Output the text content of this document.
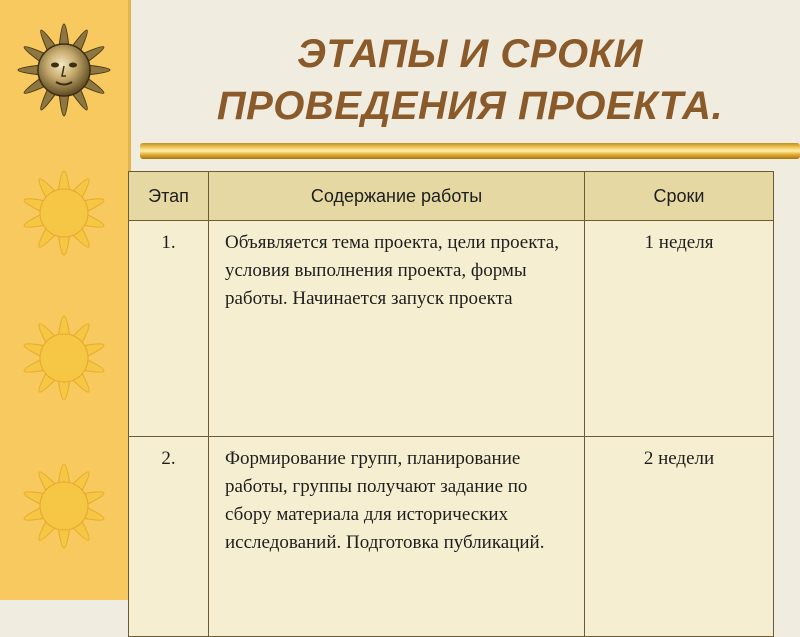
ЭТАПЫ И СРОКИ
ПРОВЕДЕНИЯ ПРОЕКТА.
Этап	Содержание работы	Сроки
1.	Объявляется тема проекта, цели проекта, условия выполнения проекта, формы работы. Начинается запуск проекта	1 неделя
2.	Формирование групп, планирование работы, группы получают задание по сбору материала для исторических исследований. Подготовка публикаций.	2 недели
